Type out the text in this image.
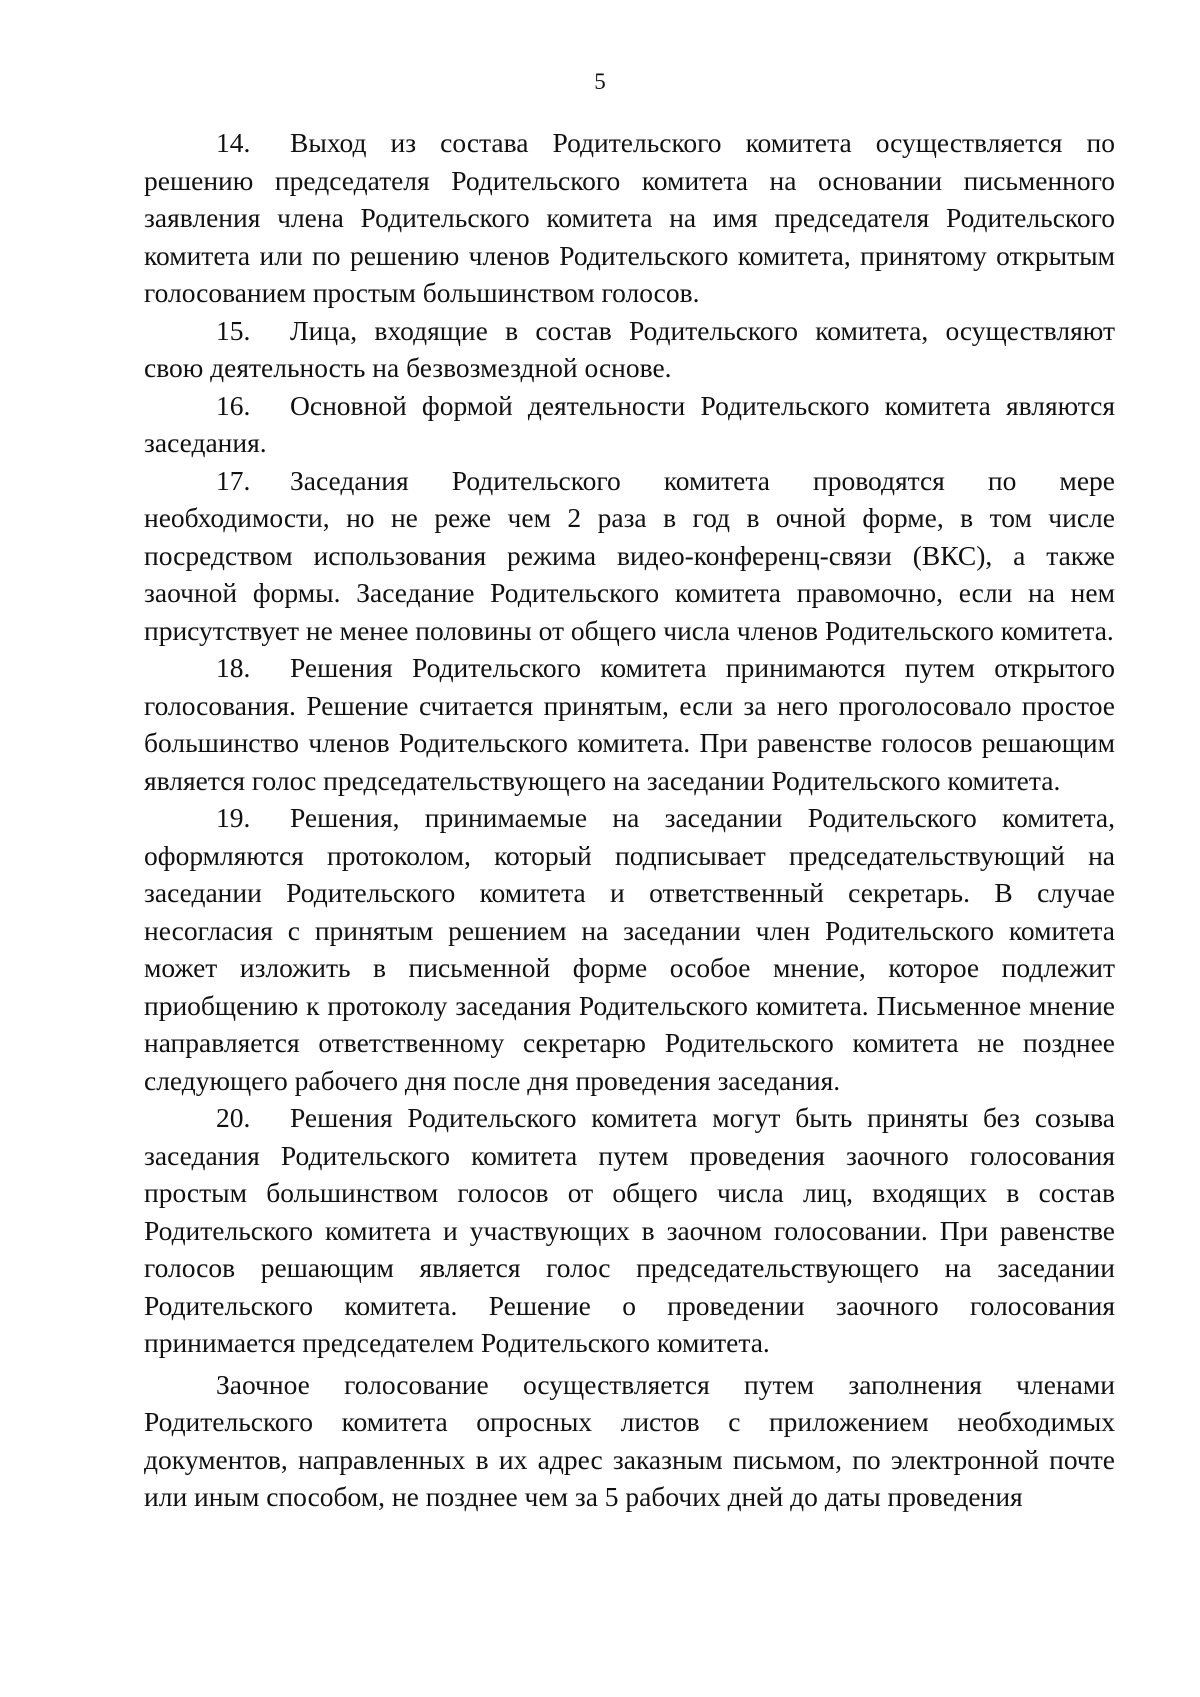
5

14. Выход из состава Родительского комитета осуществляется по решению председателя Родительского комитета на основании письменного заявления члена Родительского комитета на имя председателя Родительского комитета или по решению членов Родительского комитета, принятому открытым голосованием простым большинством голосов.

15. Лица, входящие в состав Родительского комитета, осуществляют свою деятельность на безвозмездной основе.

16. Основной формой деятельности Родительского комитета являются заседания.

17. Заседания Родительского комитета проводятся по мере необходимости, но не реже чем 2 раза в год в очной форме, в том числе посредством использования режима видео-конференц-связи (ВКС), а также заочной формы. Заседание Родительского комитета правомочно, если на нем присутствует не менее половины от общего числа членов Родительского комитета.

18. Решения Родительского комитета принимаются путем открытого голосования. Решение считается принятым, если за него проголосовало простое большинство членов Родительского комитета. При равенстве голосов решающим является голос председательствующего на заседании Родительского комитета.

19. Решения, принимаемые на заседании Родительского комитета, оформляются протоколом, который подписывает председательствующий на заседании Родительского комитета и ответственный секретарь. В случае несогласия с принятым решением на заседании член Родительского комитета может изложить в письменной форме особое мнение, которое подлежит приобщению к протоколу заседания Родительского комитета. Письменное мнение направляется ответственному секретарю Родительского комитета не позднее следующего рабочего дня после дня проведения заседания.

20. Решения Родительского комитета могут быть приняты без созыва заседания Родительского комитета путем проведения заочного голосования простым большинством голосов от общего числа лиц, входящих в состав Родительского комитета и участвующих в заочном голосовании. При равенстве голосов решающим является голос председательствующего на заседании Родительского комитета. Решение о проведении заочного голосования принимается председателем Родительского комитета.

Заочное голосование осуществляется путем заполнения членами Родительского комитета опросных листов с приложением необходимых документов, направленных в их адрес заказным письмом, по электронной почте или иным способом, не позднее чем за 5 рабочих дней до даты проведения
